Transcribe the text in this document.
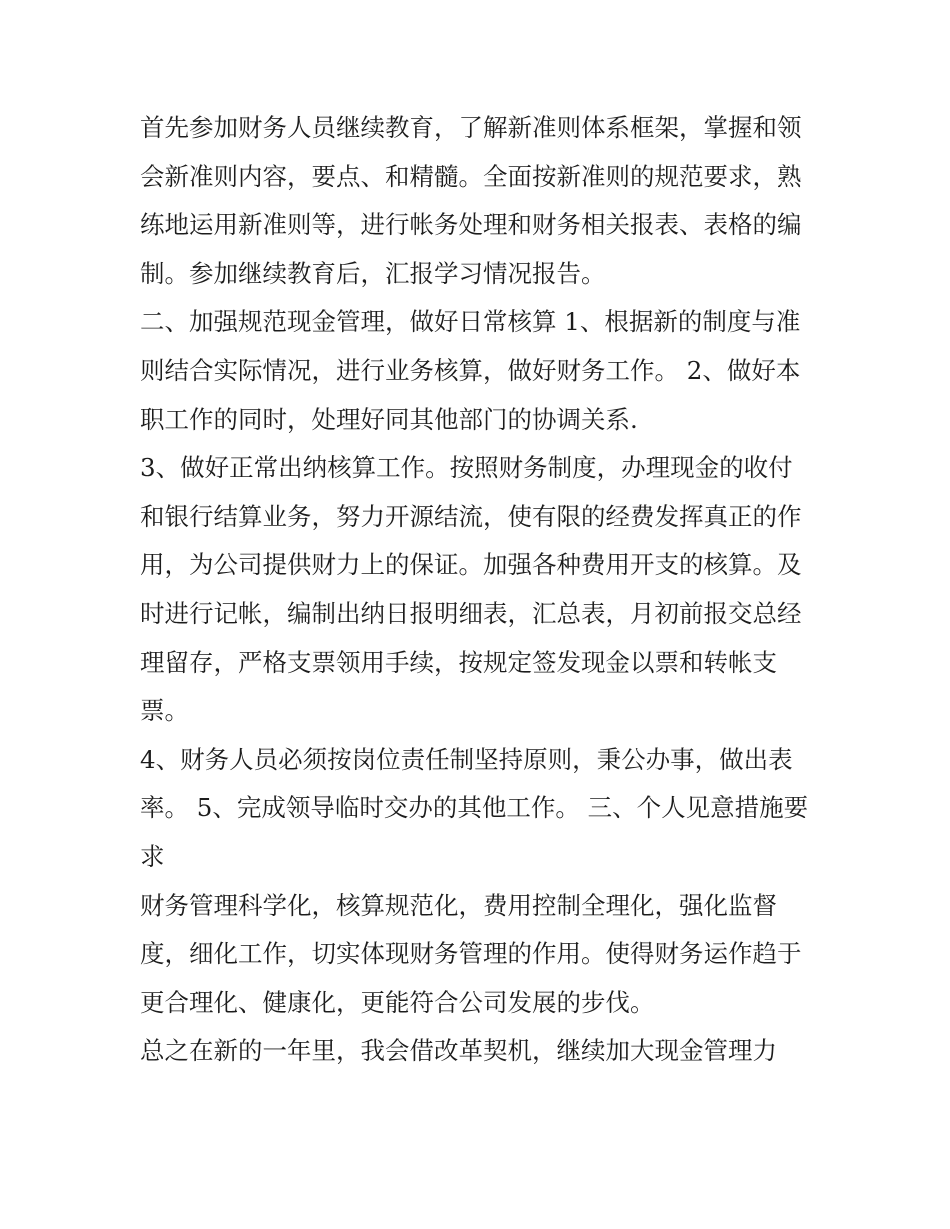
首先参加财务人员继续教育，了解新准则体系框架，掌握和领
会新准则内容，要点、和精髓。全面按新准则的规范要求，熟
练地运用新准则等，进行帐务处理和财务相关报表、表格的编
制。参加继续教育后，汇报学习情况报告。
二、加强规范现金管理，做好日常核算 1、根据新的制度与准
则结合实际情况，进行业务核算，做好财务工作。 2、做好本
职工作的同时，处理好同其他部门的协调关系.
3、做好正常出纳核算工作。按照财务制度，办理现金的收付
和银行结算业务，努力开源结流，使有限的经费发挥真正的作
用，为公司提供财力上的保证。加强各种费用开支的核算。及
时进行记帐，编制出纳日报明细表，汇总表，月初前报交总经
理留存，严格支票领用手续，按规定签发现金以票和转帐支
票。
4、财务人员必须按岗位责任制坚持原则，秉公办事，做出表
率。 5、完成领导临时交办的其他工作。 三、个人见意措施要
求
财务管理科学化，核算规范化，费用控制全理化，强化监督
度，细化工作，切实体现财务管理的作用。使得财务运作趋于
更合理化、健康化，更能符合公司发展的步伐。
总之在新的一年里，我会借改革契机，继续加大现金管理力
